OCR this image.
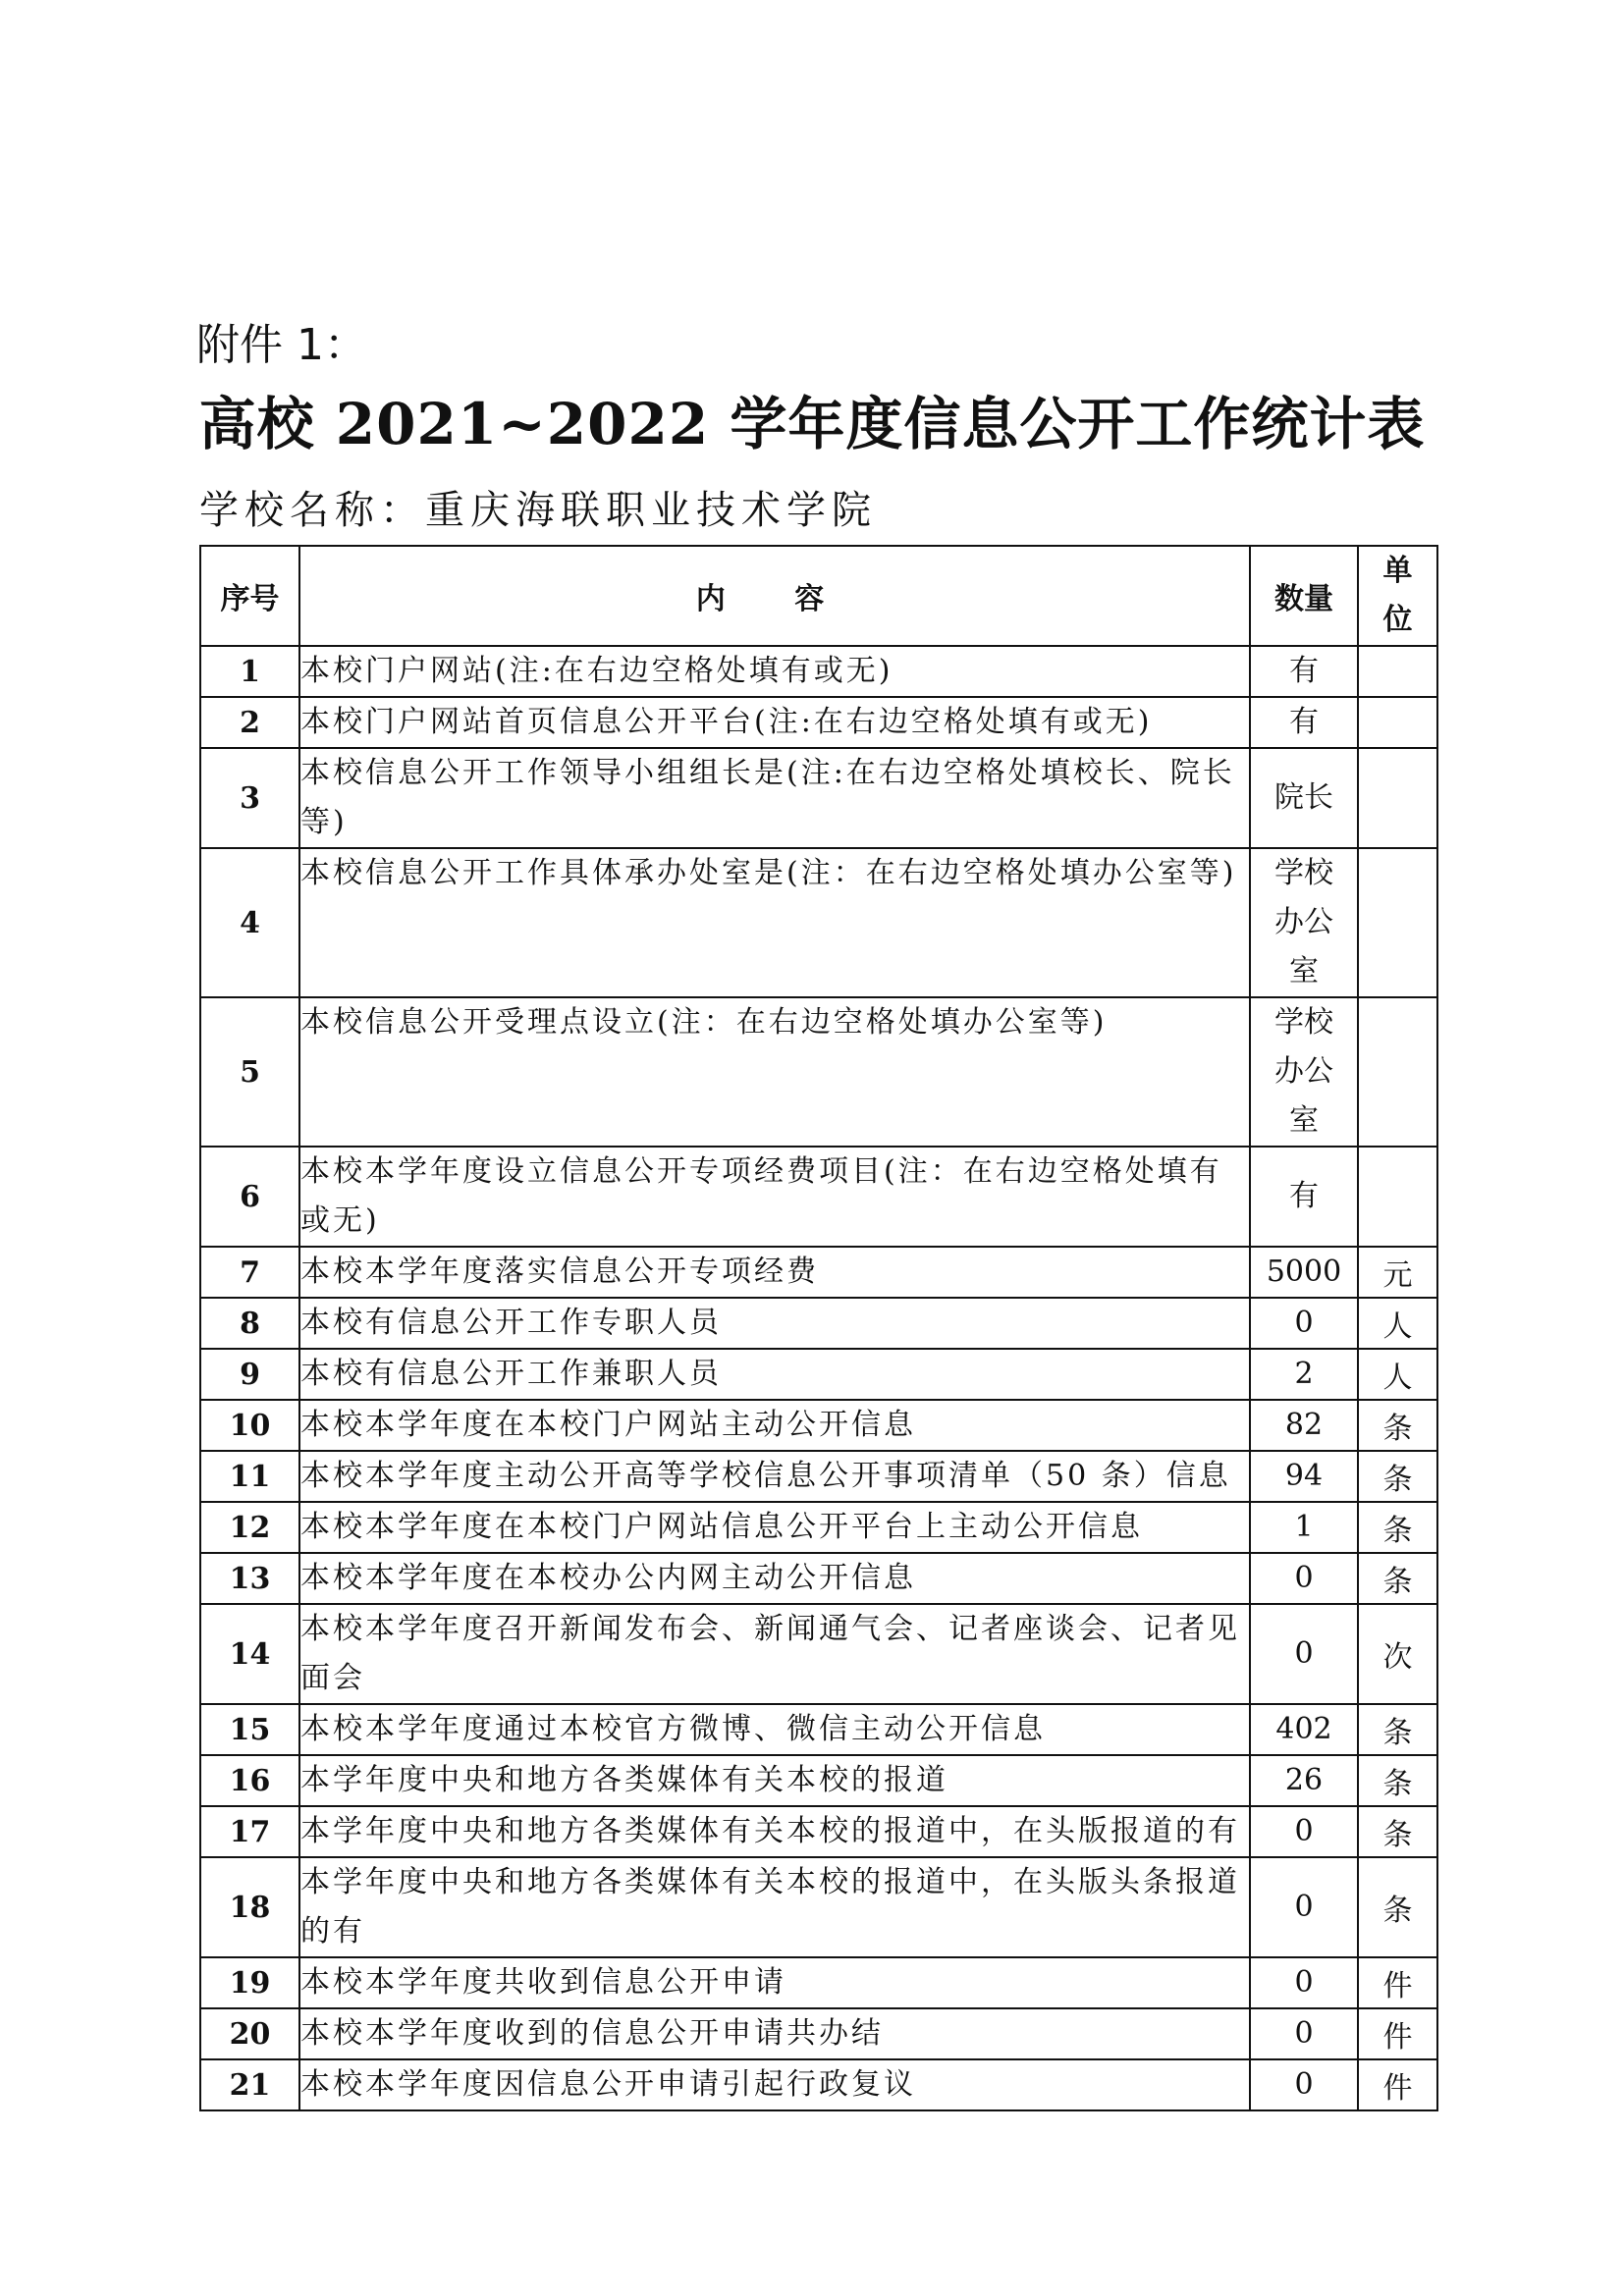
附件 1：
高校 2021~2022 学年度信息公开工作统计表
学校名称：重庆海联职业技术学院
序号	内 容	数量	单
位

1	本校门户网站(注:在右边空格处填有或无)	有	
2	本校门户网站首页信息公开平台(注:在右边空格处填有或无)	有	
3	本校信息公开工作领导小组组长是(注:在右边空格处填校长、院长等)	院长	
4	本校信息公开工作具体承办处室是(注：在右边空格处填办公室等)	学校
办公
室	

5	本校信息公开受理点设立(注：在右边空格处填办公室等)	学校
办公
室	

6	本校本学年度设立信息公开专项经费项目(注：在右边空格处填有或无)	有	
7	本校本学年度落实信息公开专项经费	5000	元
8	本校有信息公开工作专职人员	0	人
9	本校有信息公开工作兼职人员	2	人
10	本校本学年度在本校门户网站主动公开信息	82	条
11	本校本学年度主动公开高等学校信息公开事项清单（50 条）信息	94	条
12	本校本学年度在本校门户网站信息公开平台上主动公开信息	1	条
13	本校本学年度在本校办公内网主动公开信息	0	条
14	本校本学年度召开新闻发布会、新闻通气会、记者座谈会、记者见面会	0	次
15	本校本学年度通过本校官方微博、微信主动公开信息	402	条
16	本学年度中央和地方各类媒体有关本校的报道	26	条
17	本学年度中央和地方各类媒体有关本校的报道中，在头版报道的有	0	条
18	本学年度中央和地方各类媒体有关本校的报道中，在头版头条报道的有	0	条
19	本校本学年度共收到信息公开申请	0	件
20	本校本学年度收到的信息公开申请共办结	0	件
21	本校本学年度因信息公开申请引起行政复议	0	件
